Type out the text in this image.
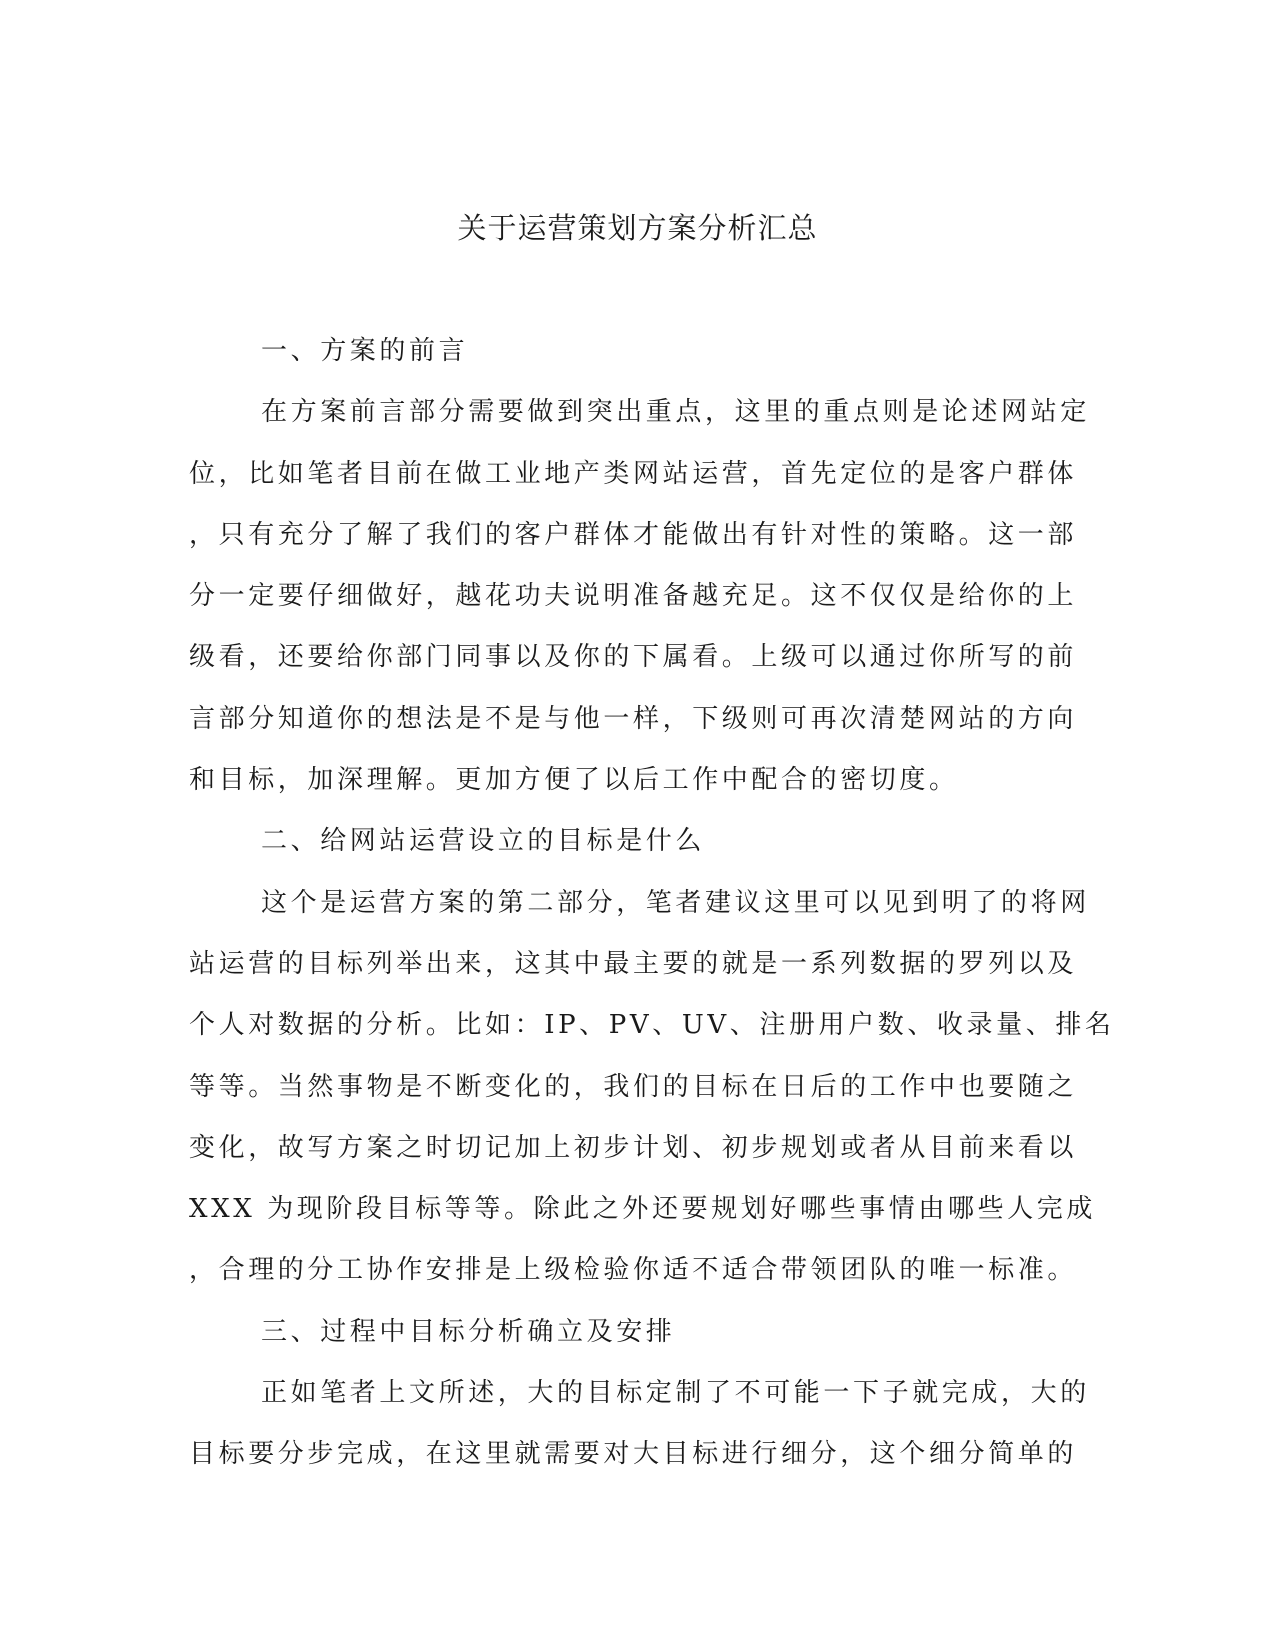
关于运营策划方案分析汇总
一、方案的前言
在方案前言部分需要做到突出重点，这里的重点则是论述网站定
位，比如笔者目前在做工业地产类网站运营，首先定位的是客户群体
，只有充分了解了我们的客户群体才能做出有针对性的策略。这一部
分一定要仔细做好，越花功夫说明准备越充足。这不仅仅是给你的上
级看，还要给你部门同事以及你的下属看。上级可以通过你所写的前
言部分知道你的想法是不是与他一样，下级则可再次清楚网站的方向
和目标，加深理解。更加方便了以后工作中配合的密切度。
二、给网站运营设立的目标是什么
这个是运营方案的第二部分，笔者建议这里可以见到明了的将网
站运营的目标列举出来，这其中最主要的就是一系列数据的罗列以及
个人对数据的分析。比如：IP、PV、UV、注册用户数、收录量、排名
等等。当然事物是不断变化的，我们的目标在日后的工作中也要随之
变化，故写方案之时切记加上初步计划、初步规划或者从目前来看以
XXX 为现阶段目标等等。除此之外还要规划好哪些事情由哪些人完成
，合理的分工协作安排是上级检验你适不适合带领团队的唯一标准。
三、过程中目标分析确立及安排
正如笔者上文所述，大的目标定制了不可能一下子就完成，大的
目标要分步完成，在这里就需要对大目标进行细分，这个细分简单的
